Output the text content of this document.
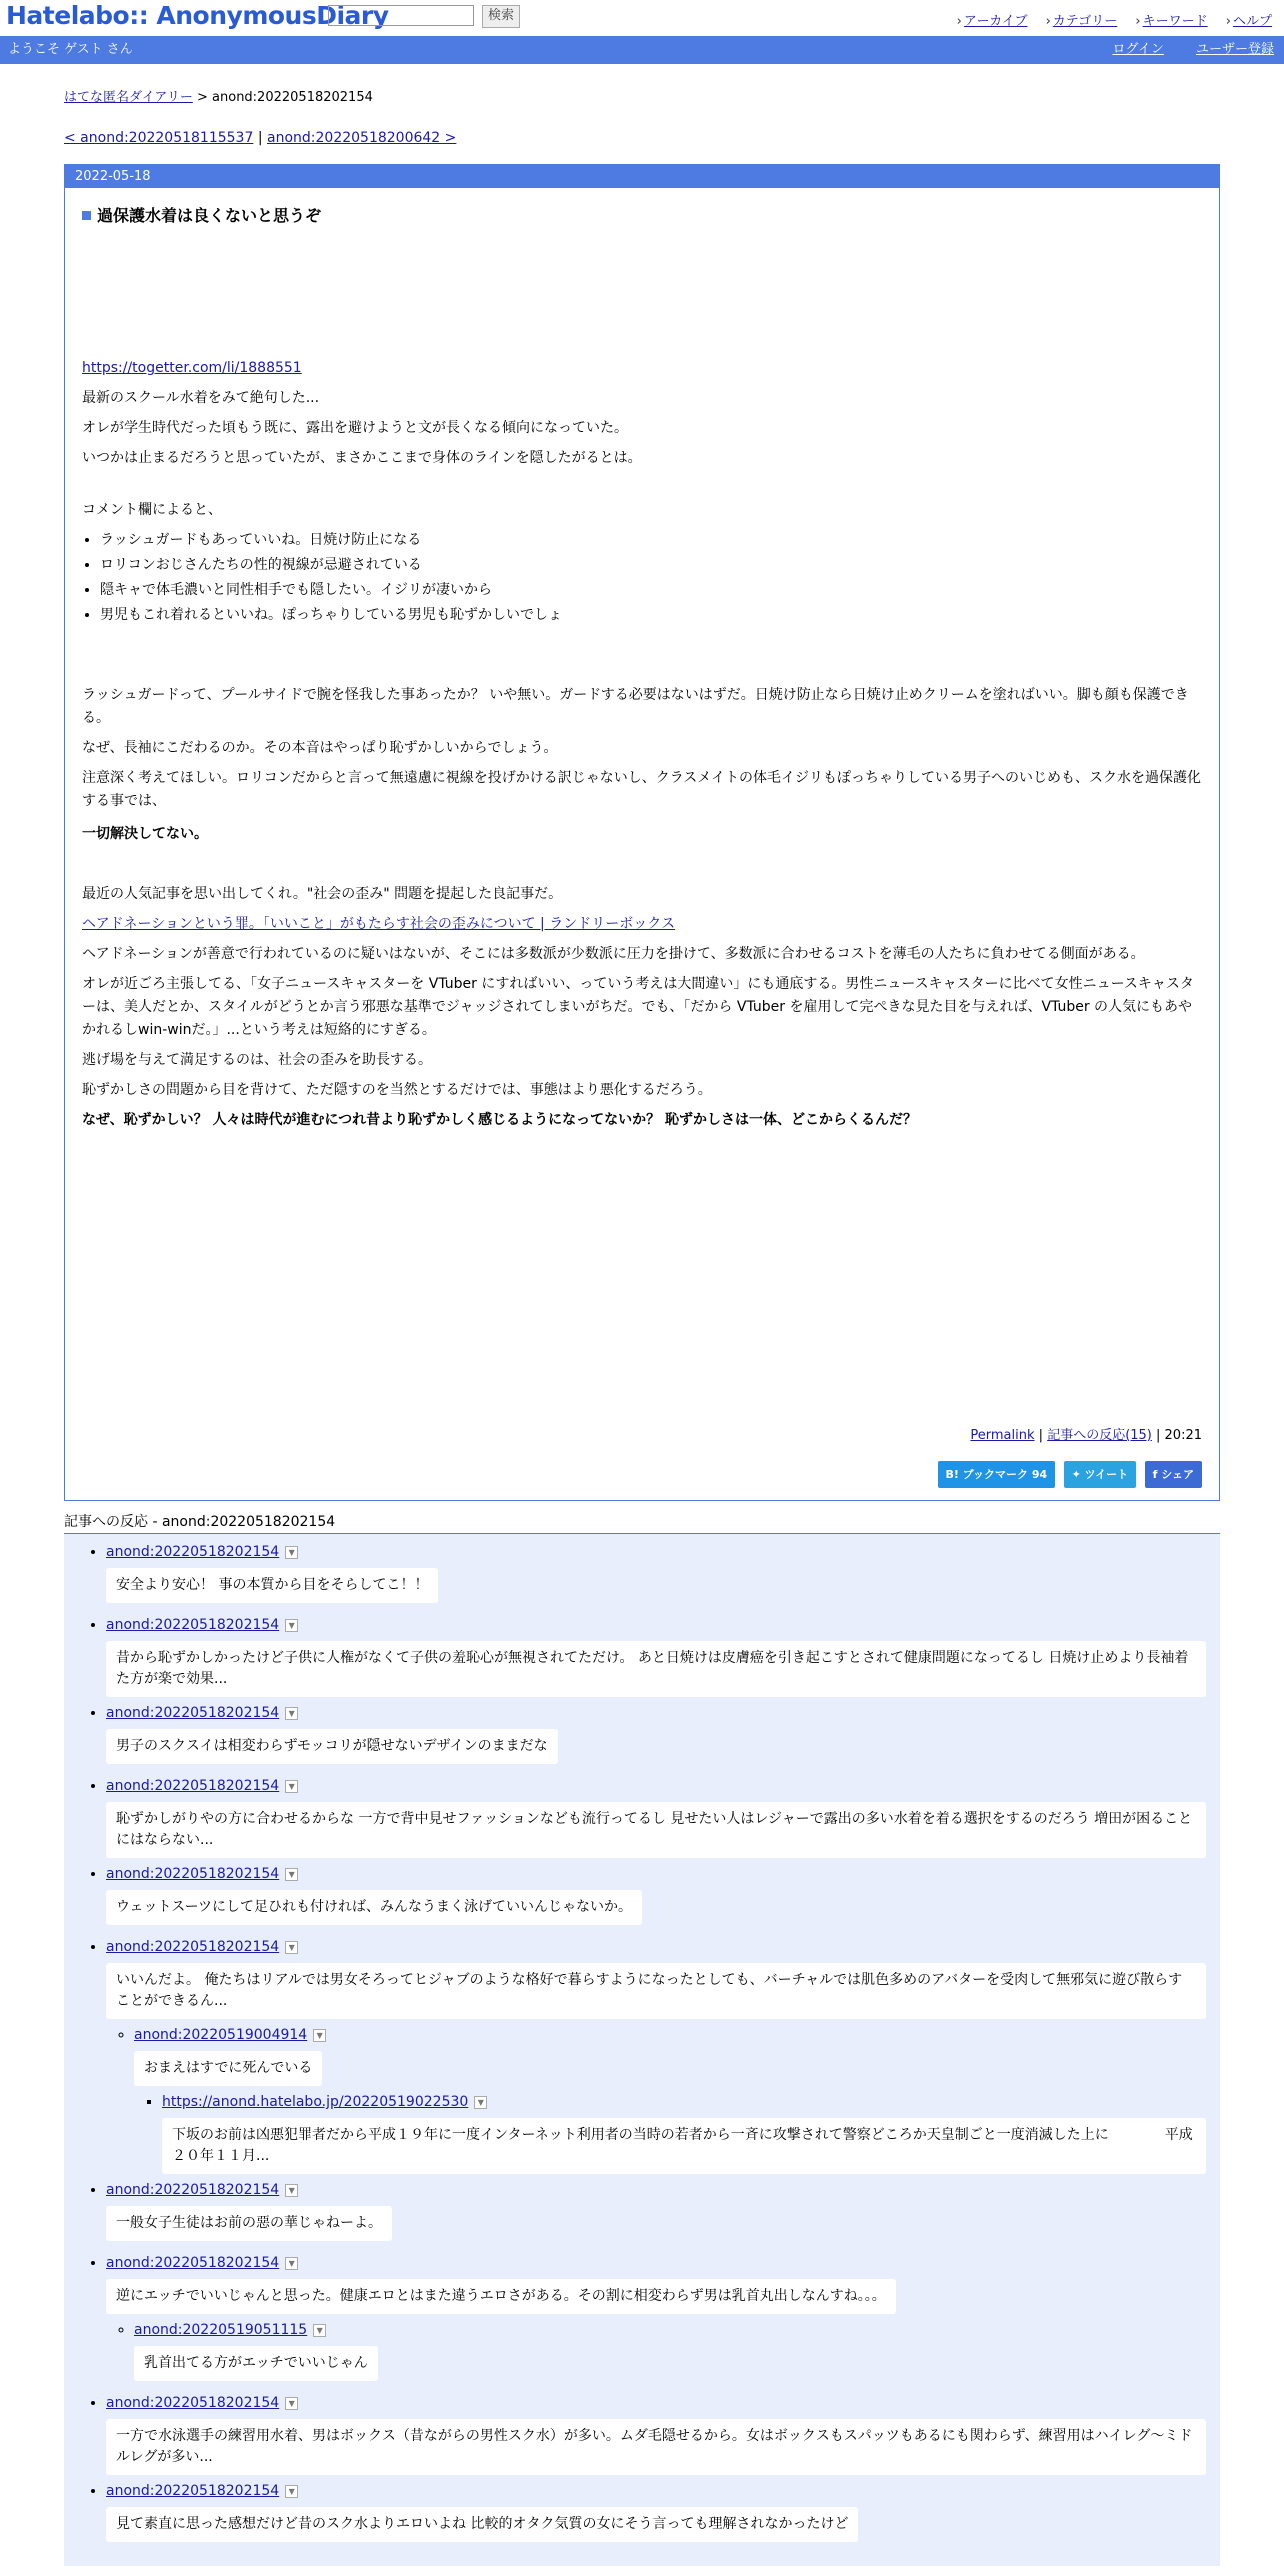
Hatelabo:: AnonymousDiary	検索	› アーカイブ › カテゴリー › キーワード › ヘルプ
ようこそ ゲスト さん	ログイン ユーザー登録
はてな匿名ダイアリー > anond:20220518202154
< anond:20220518115537 | anond:20220518200642 >
2022-05-18
過保護水着は良くないと思うぞ

https://togetter.com/li/1888551

最新のスクール水着をみて絶句した...

オレが学生時代だった頃もう既に、露出を避けようと文が長くなる傾向になっていた。

いつかは止まるだろうと思っていたが、まさかここまで身体のラインを隠したがるとは。

コメント欄によると、

• ラッシュガードもあっていいね。日焼け防止になる
• ロリコンおじさんたちの性的視線が忌避されている
• 隠キャで体毛濃いと同性相手でも隠したい。イジリが凄いから
• 男児もこれ着れるといいね。ぽっちゃりしている男児も恥ずかしいでしょ

ラッシュガードって、プールサイドで腕を怪我した事あったか？ いや無い。ガードする必要はないはずだ。日焼け防止なら日焼け止めクリームを塗ればいい。脚も顔も保護できる。

なぜ、長袖にこだわるのか。その本音はやっぱり恥ずかしいからでしょう。

注意深く考えてほしい。ロリコンだからと言って無遠慮に視線を投げかける訳じゃないし、クラスメイトの体毛イジリもぽっちゃりしている男子へのいじめも、スク水を過保護化する事では、

一切解決してない。

最近の人気記事を思い出してくれ。"社会の歪み" 問題を提起した良記事だ。

ヘアドネーションという罪。「いいこと」がもたらす社会の歪みについて | ランドリーボックス

ヘアドネーションが善意で行われているのに疑いはないが、そこには多数派が少数派に圧力を掛けて、多数派に合わせるコストを薄毛の人たちに負わせてる側面がある。

オレが近ごろ主張してる、「女子ニュースキャスターを VTuber にすればいい、っていう考えは大間違い」にも通底する。男性ニュースキャスターに比べて女性ニュースキャスターは、美人だとか、スタイルがどうとか言う邪悪な基準でジャッジされてしまいがちだ。でも、「だから VTuber を雇用して完ぺきな見た目を与えれば、VTuber の人気にもあやかれるしwin-winだ。」...という考えは短絡的にすぎる。

逃げ場を与えて満足するのは、社会の歪みを助長する。

恥ずかしさの問題から目を背けて、ただ隠すのを当然とするだけでは、事態はより悪化するだろう。

なぜ、恥ずかしい？ 人々は時代が進むにつれ昔より恥ずかしく感じるようになってないか？ 恥ずかしさは一体、どこからくるんだ？

Permalink | 記事への反応(15) | 20:21
B! ブックマーク 94 ✦ ツイート f シェア
記事への反応 - anond:20220518202154
• anond:20220518202154 ▼
安全より安心！ 事の本質から目をそらしてこ！！
• anond:20220518202154 ▼

昔から恥ずかしかったけど子供に人権がなくて子供の羞恥心が無視されてただけ。 あと日焼けは皮膚癌を引き起こすとされて健康問題になってるし 日焼け止めより長袖着た方が楽で効果...
• anond:20220518202154 ▼
男子のスクスイは相変わらずモッコリが隠せないデザインのままだな
• anond:20220518202154 ▼

恥ずかしがりやの方に合わせるからな 一方で背中見せファッションなども流行ってるし 見せたい人はレジャーで露出の多い水着を着る選択をするのだろう 増田が困ることにはならない...
• anond:20220518202154 ▼
ウェットスーツにして足ひれも付ければ、みんなうまく泳げていいんじゃないか。
• anond:20220518202154 ▼

いいんだよ。 俺たちはリアルでは男女そろってヒジャブのような格好で暮らすようになったとしても、バーチャルでは肌色多めのアバターを受肉して無邪気に遊び散らすことができるん...
◦ anond:20220519004914 ▼
おまえはすでに死んでいる
▪ https://anond.hatelabo.jp/20220519022530 ▼

下坂のお前は凶悪犯罪者だから平成１９年に一度インターネット利用者の当時の若者から一斉に攻撃されて警察どころか天皇制ごと一度消滅した上に　　　　平成２０年１１月...
• anond:20220518202154 ▼
一般女子生徒はお前の惡の華じゃねーよ。
• anond:20220518202154 ▼
逆にエッチでいいじゃんと思った。健康エロとはまた違うエロさがある。その割に相変わらず男は乳首丸出しなんすね。。。
◦ anond:20220519051115 ▼
乳首出てる方がエッチでいいじゃん
• anond:20220518202154 ▼

一方で水泳選手の練習用水着、男はボックス（昔ながらの男性スク水）が多い。ムダ毛隠せるから。女はボックスもスパッツもあるにも関わらず、練習用はハイレグ～ミドルレグが多い...
• anond:20220518202154 ▼
見て素直に思った感想だけど昔のスク水よりエロいよね 比較的オタク気質の女にそう言っても理解されなかったけど
